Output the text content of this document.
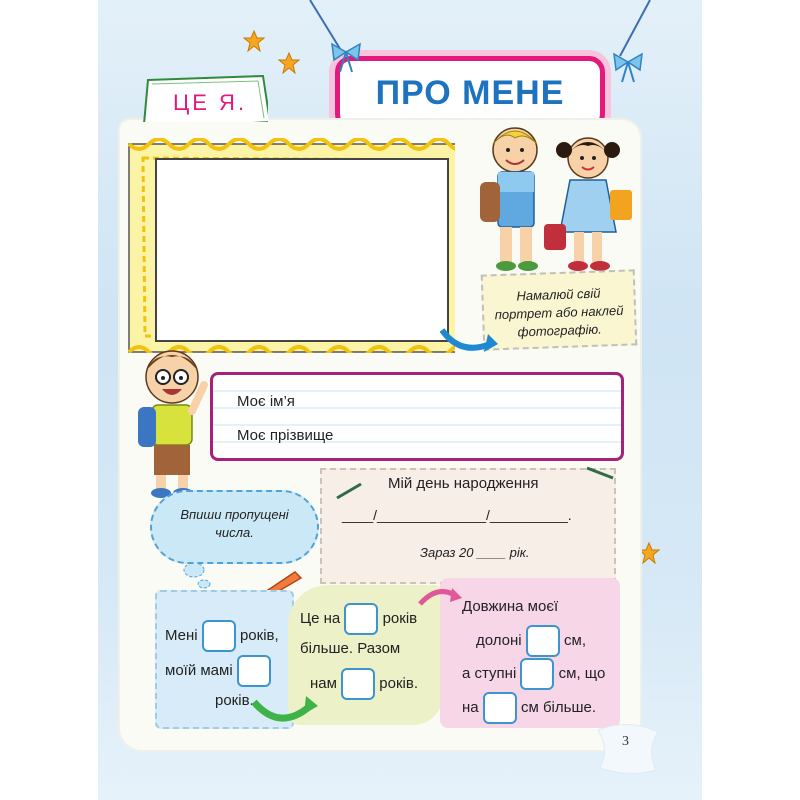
ПРО МЕНЕ
ЦЕ Я.
Намалюй свій
портрет або наклей
фотографію.
Моє ім’я
Моє прізвище
Впиши пропущені
числа.
Мій день народження
____/______________/__________.
Зараз 20 ____ рік.
Мені	років,
моїй мамі
років.
Це на	років
більше. Разом
нам	років.
Довжина моєї
долоні	см,
а ступні	см, що
на	см більше.
3
